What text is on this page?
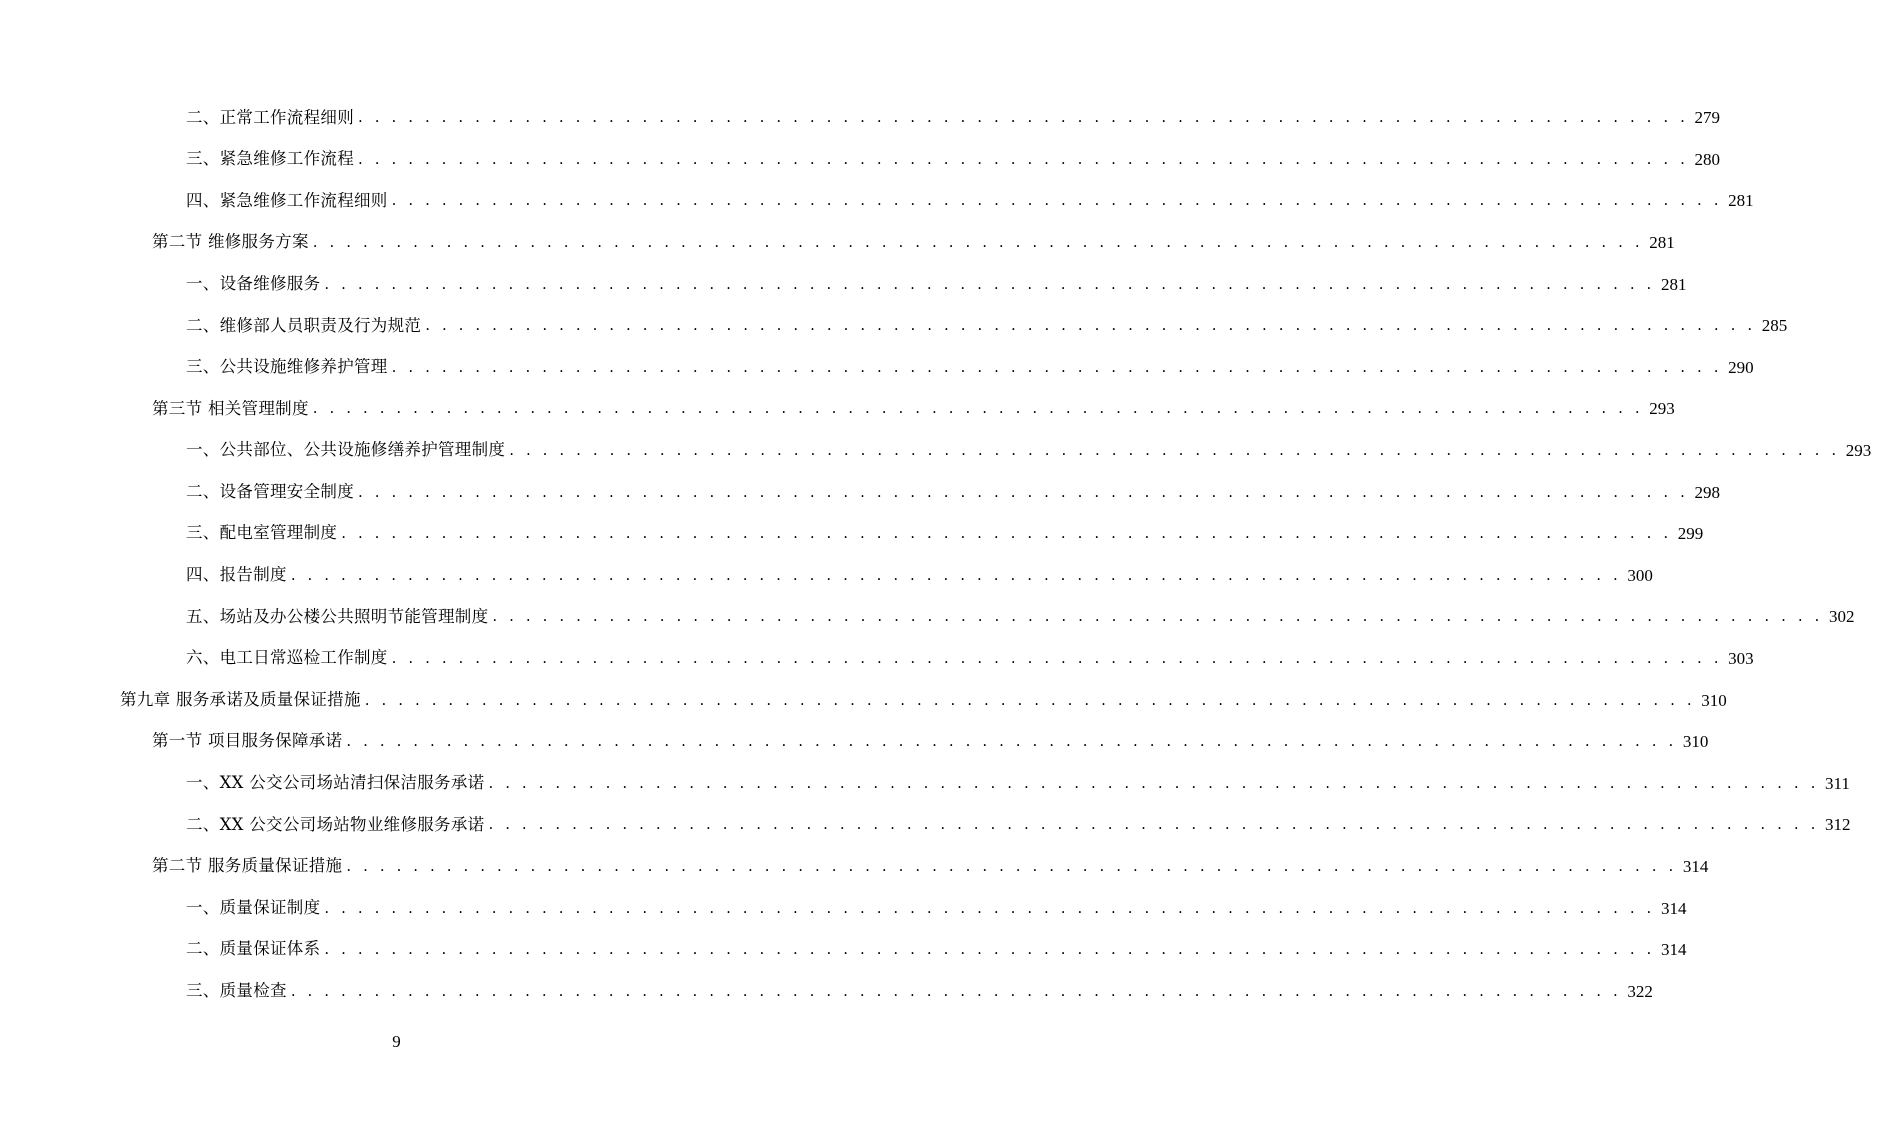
二、正常工作流程细则 . . . . . . . . . . . . . . . . . . . . . . . . . . . . . . . . . . . . . . . . . . . . . . . . . . . . . . . . . . . . . . . . . . . . . . . . . . . . . . . . 279
三、紧急维修工作流程 . . . . . . . . . . . . . . . . . . . . . . . . . . . . . . . . . . . . . . . . . . . . . . . . . . . . . . . . . . . . . . . . . . . . . . . . . . . . . . . . 280
四、紧急维修工作流程细则 . . . . . . . . . . . . . . . . . . . . . . . . . . . . . . . . . . . . . . . . . . . . . . . . . . . . . . . . . . . . . . . . . . . . . . . . . . . . . . . . 281
第二节 维修服务方案 . . . . . . . . . . . . . . . . . . . . . . . . . . . . . . . . . . . . . . . . . . . . . . . . . . . . . . . . . . . . . . . . . . . . . . . . . . . . . . . . 281
一、设备维修服务 . . . . . . . . . . . . . . . . . . . . . . . . . . . . . . . . . . . . . . . . . . . . . . . . . . . . . . . . . . . . . . . . . . . . . . . . . . . . . . . . 281
二、维修部人员职责及行为规范 . . . . . . . . . . . . . . . . . . . . . . . . . . . . . . . . . . . . . . . . . . . . . . . . . . . . . . . . . . . . . . . . . . . . . . . . . . . . . . . . 285
三、公共设施维修养护管理 . . . . . . . . . . . . . . . . . . . . . . . . . . . . . . . . . . . . . . . . . . . . . . . . . . . . . . . . . . . . . . . . . . . . . . . . . . . . . . . . 290
第三节 相关管理制度 . . . . . . . . . . . . . . . . . . . . . . . . . . . . . . . . . . . . . . . . . . . . . . . . . . . . . . . . . . . . . . . . . . . . . . . . . . . . . . . . 293
一、公共部位、公共设施修缮养护管理制度 . . . . . . . . . . . . . . . . . . . . . . . . . . . . . . . . . . . . . . . . . . . . . . . . . . . . . . . . . . . . . . . . . . . . . . . . . . . . . . . . 293
二、设备管理安全制度 . . . . . . . . . . . . . . . . . . . . . . . . . . . . . . . . . . . . . . . . . . . . . . . . . . . . . . . . . . . . . . . . . . . . . . . . . . . . . . . . 298
三、配电室管理制度 . . . . . . . . . . . . . . . . . . . . . . . . . . . . . . . . . . . . . . . . . . . . . . . . . . . . . . . . . . . . . . . . . . . . . . . . . . . . . . . . 299
四、报告制度 . . . . . . . . . . . . . . . . . . . . . . . . . . . . . . . . . . . . . . . . . . . . . . . . . . . . . . . . . . . . . . . . . . . . . . . . . . . . . . . . 300
五、场站及办公楼公共照明节能管理制度 . . . . . . . . . . . . . . . . . . . . . . . . . . . . . . . . . . . . . . . . . . . . . . . . . . . . . . . . . . . . . . . . . . . . . . . . . . . . . . . . 302
六、电工日常巡检工作制度 . . . . . . . . . . . . . . . . . . . . . . . . . . . . . . . . . . . . . . . . . . . . . . . . . . . . . . . . . . . . . . . . . . . . . . . . . . . . . . . . 303
第九章 服务承诺及质量保证措施 . . . . . . . . . . . . . . . . . . . . . . . . . . . . . . . . . . . . . . . . . . . . . . . . . . . . . . . . . . . . . . . . . . . . . . . . . . . . . . . . 310
第一节 项目服务保障承诺 . . . . . . . . . . . . . . . . . . . . . . . . . . . . . . . . . . . . . . . . . . . . . . . . . . . . . . . . . . . . . . . . . . . . . . . . . . . . . . . . 310
一、XX 公交公司场站清扫保洁服务承诺 . . . . . . . . . . . . . . . . . . . . . . . . . . . . . . . . . . . . . . . . . . . . . . . . . . . . . . . . . . . . . . . . . . . . . . . . . . . . . . . . 311
二、XX 公交公司场站物业维修服务承诺 . . . . . . . . . . . . . . . . . . . . . . . . . . . . . . . . . . . . . . . . . . . . . . . . . . . . . . . . . . . . . . . . . . . . . . . . . . . . . . . . 312
第二节 服务质量保证措施 . . . . . . . . . . . . . . . . . . . . . . . . . . . . . . . . . . . . . . . . . . . . . . . . . . . . . . . . . . . . . . . . . . . . . . . . . . . . . . . . 314
一、质量保证制度 . . . . . . . . . . . . . . . . . . . . . . . . . . . . . . . . . . . . . . . . . . . . . . . . . . . . . . . . . . . . . . . . . . . . . . . . . . . . . . . . 314
二、质量保证体系 . . . . . . . . . . . . . . . . . . . . . . . . . . . . . . . . . . . . . . . . . . . . . . . . . . . . . . . . . . . . . . . . . . . . . . . . . . . . . . . . 314
三、质量检查 . . . . . . . . . . . . . . . . . . . . . . . . . . . . . . . . . . . . . . . . . . . . . . . . . . . . . . . . . . . . . . . . . . . . . . . . . . . . . . . . 322
9
